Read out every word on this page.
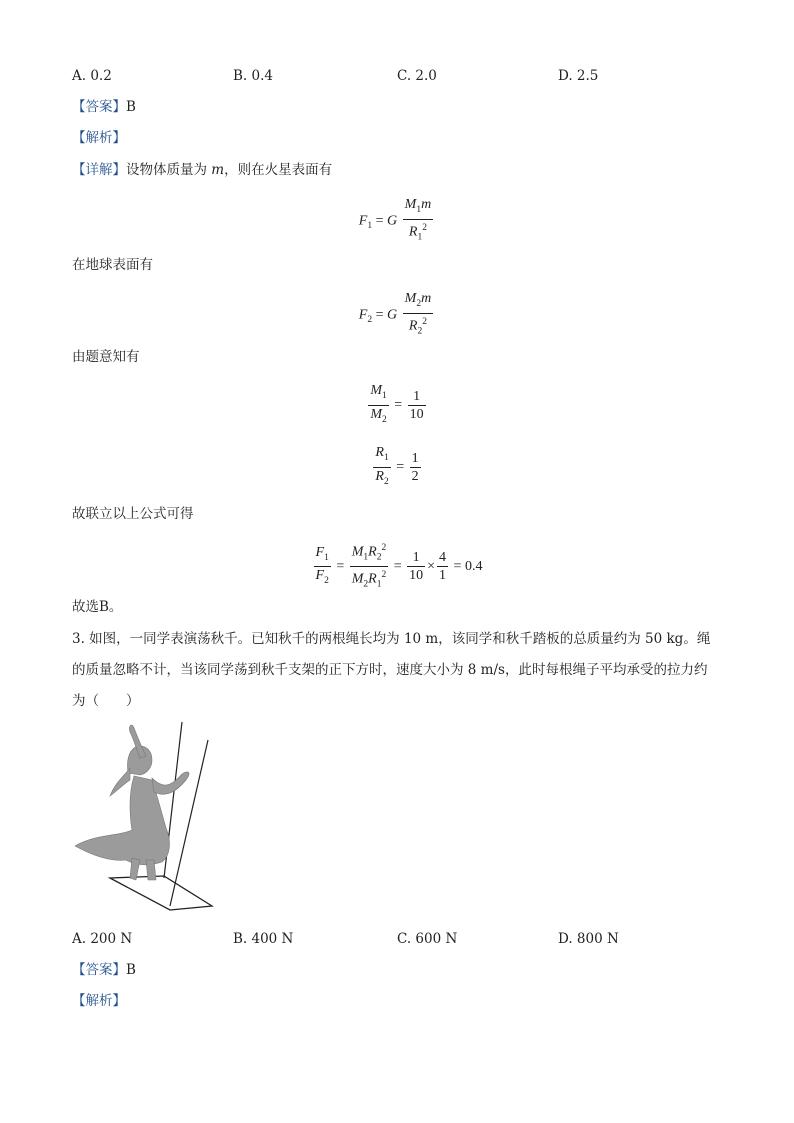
A. 0.2	B. 0.4	C. 2.0	D. 2.5
【答案】B
【解析】
【详解】设物体质量为 m，则在火星表面有
$F_1 = G \frac{M_1m}{R_1^2}$
在地球表面有
$F_2 = G \frac{M_2m}{R_2^2}$
由题意知有
$\frac{M_1}{M_2} = \frac{1}{10}$
$\frac{R_1}{R_2} = \frac{1}{2}$
故联立以上公式可得
$\frac{F_1}{F_2} = \frac{M_1R_2^2}{M_2R_1^2} = \frac{1}{10} \times \frac{4}{1} = 0.4$
故选B。
3. 如图，一同学表演荡秋千。已知秋千的两根绳长均为 10 m，该同学和秋千踏板的总质量约为 50 kg。绳
的质量忽略不计，当该同学荡到秋千支架的正下方时，速度大小为 8 m/s，此时每根绳子平均承受的拉力约
为（　　）
A. 200 N	B. 400 N	C. 600 N	D. 800 N
【答案】B
【解析】
